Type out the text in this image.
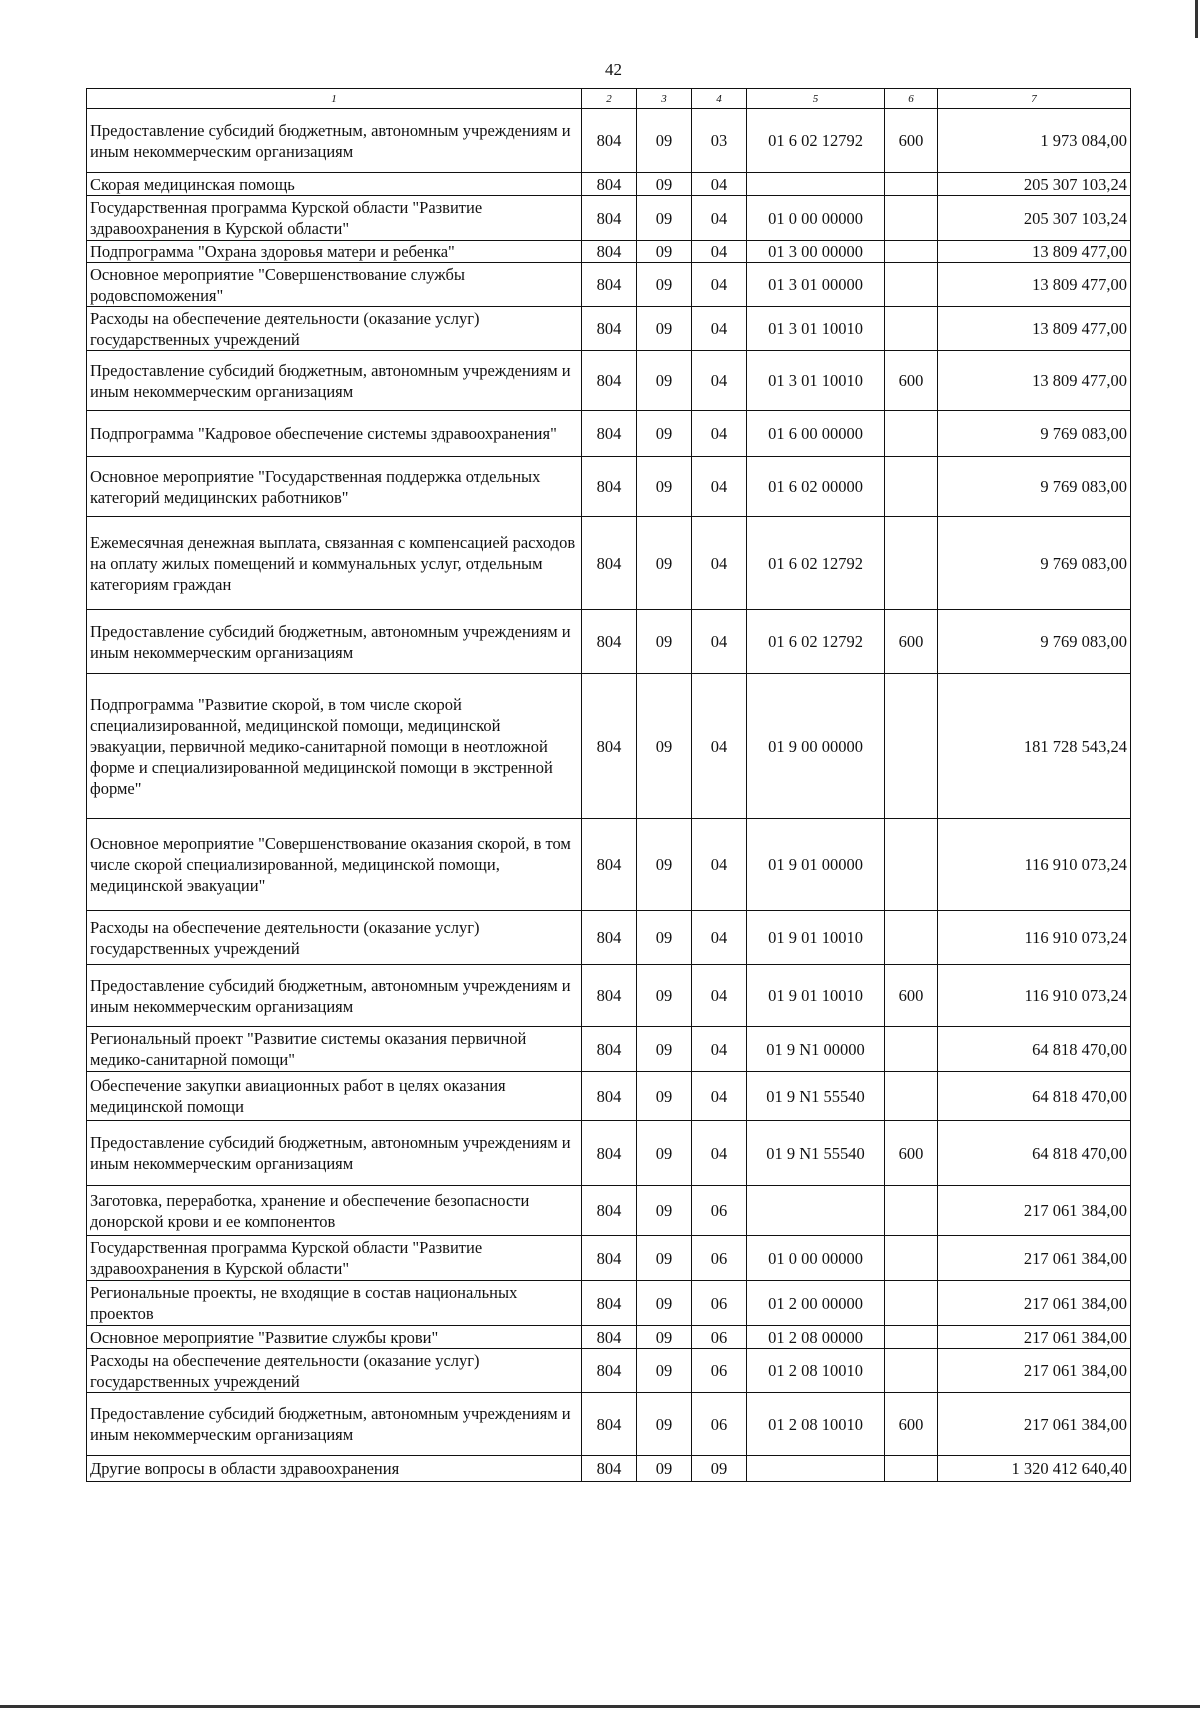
42
1	2	3	4	5	6	7
Предоставление субсидий бюджетным, автономным учреждениям и иным некоммерческим организациям	804	09	03	01 6 02 12792	600	1 973 084,00
Скорая медицинская помощь	804	09	04			205 307 103,24
Государственная программа Курской области "Развитие здравоохранения в Курской области"	804	09	04	01 0 00 00000		205 307 103,24
Подпрограмма "Охрана здоровья матери и ребенка"	804	09	04	01 3 00 00000		13 809 477,00
Основное мероприятие "Совершенствование службы родовспоможения"	804	09	04	01 3 01 00000		13 809 477,00
Расходы на обеспечение деятельности (оказание услуг) государственных учреждений	804	09	04	01 3 01 10010		13 809 477,00
Предоставление субсидий бюджетным, автономным учреждениям и иным некоммерческим организациям	804	09	04	01 3 01 10010	600	13 809 477,00
Подпрограмма "Кадровое обеспечение системы здравоохранения"	804	09	04	01 6 00 00000		9 769 083,00
Основное мероприятие "Государственная поддержка отдельных категорий медицинских работников"	804	09	04	01 6 02 00000		9 769 083,00
Ежемесячная денежная выплата, связанная с компенсацией расходов на оплату жилых помещений и коммунальных услуг, отдельным категориям граждан	804	09	04	01 6 02 12792		9 769 083,00
Предоставление субсидий бюджетным, автономным учреждениям и иным некоммерческим организациям	804	09	04	01 6 02 12792	600	9 769 083,00
Подпрограмма "Развитие скорой, в том числе скорой специализированной, медицинской помощи, медицинской эвакуации, первичной медико-санитарной помощи в неотложной форме и специализированной медицинской помощи в экстренной форме"	804	09	04	01 9 00 00000		181 728 543,24
Основное мероприятие "Совершенствование оказания скорой, в том числе скорой специализированной, медицинской помощи, медицинской эвакуации"	804	09	04	01 9 01 00000		116 910 073,24
Расходы на обеспечение деятельности (оказание услуг) государственных учреждений	804	09	04	01 9 01 10010		116 910 073,24
Предоставление субсидий бюджетным, автономным учреждениям и иным некоммерческим организациям	804	09	04	01 9 01 10010	600	116 910 073,24
Региональный проект "Развитие системы оказания первичной медико-санитарной помощи"	804	09	04	01 9 N1 00000		64 818 470,00
Обеспечение закупки авиационных работ в целях оказания медицинской помощи	804	09	04	01 9 N1 55540		64 818 470,00
Предоставление субсидий бюджетным, автономным учреждениям и иным некоммерческим организациям	804	09	04	01 9 N1 55540	600	64 818 470,00
Заготовка, переработка, хранение и обеспечение безопасности донорской крови и ее компонентов	804	09	06			217 061 384,00
Государственная программа Курской области "Развитие здравоохранения в Курской области"	804	09	06	01 0 00 00000		217 061 384,00
Региональные проекты, не входящие в состав национальных проектов	804	09	06	01 2 00 00000		217 061 384,00
Основное мероприятие "Развитие службы крови"	804	09	06	01 2 08 00000		217 061 384,00
Расходы на обеспечение деятельности (оказание услуг) государственных учреждений	804	09	06	01 2 08 10010		217 061 384,00
Предоставление субсидий бюджетным, автономным учреждениям и иным некоммерческим организациям	804	09	06	01 2 08 10010	600	217 061 384,00
Другие вопросы в области здравоохранения	804	09	09			1 320 412 640,40
